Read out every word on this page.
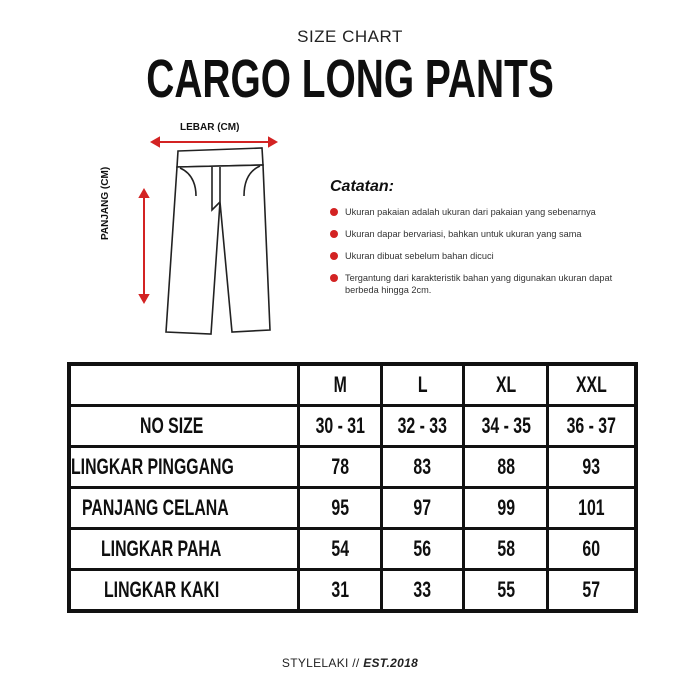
SIZE CHART
CARGO LONG PANTS
LEBAR (CM)
PANJANG (CM)	Catatan:
Ukuran pakaian adalah ukuran dari pakaian yang sebenarnya
Ukuran dapar bervariasi, bahkan untuk ukuran yang sama
Ukuran dibuat sebelum bahan dicuci
Tergantung dari karakteristik bahan yang digunakan ukuran dapat berbeda hingga 2cm.
	M	L	XL	XXL
NO SIZE	30 - 31	32 - 33	34 - 35	36 - 37
LINGKAR PINGGANG	78	83	88	93
PANJANG CELANA	95	97	99	101
LINGKAR PAHA	54	56	58	60
LINGKAR KAKI	31	33	55	57
STYLELAKI // EST.2018
